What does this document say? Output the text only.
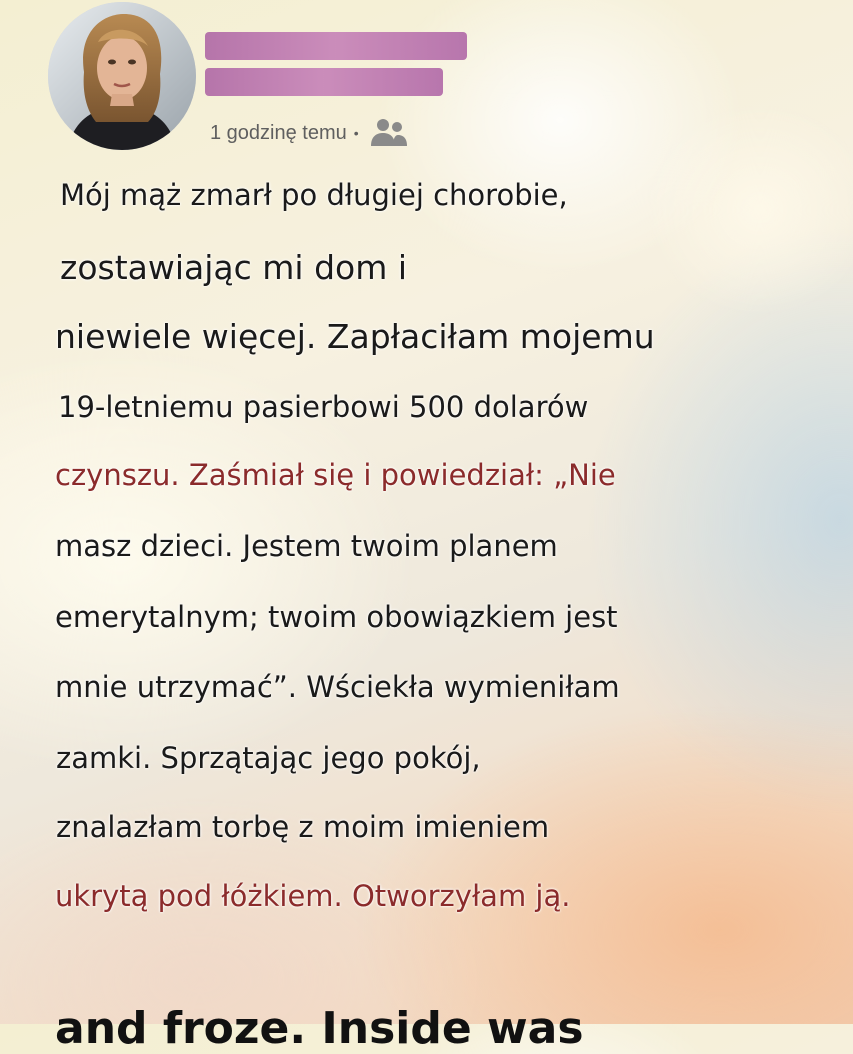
1 godzinę temu •
Mój mąż zmarł po długiej chorobie,
zostawiając mi dom i
niewiele więcej. Zapłaciłam mojemu
19-letniemu pasierbowi 500 dolarów
czynszu. Zaśmiał się i powiedział: „Nie
masz dzieci. Jestem twoim planem
emerytalnym; twoim obowiązkiem jest
mnie utrzymać”. Wściekła wymieniłam
zamki. Sprzątając jego pokój,
znalazłam torbę z moim imieniem
ukrytą pod łóżkiem. Otworzyłam ją.
and froze. Inside was
